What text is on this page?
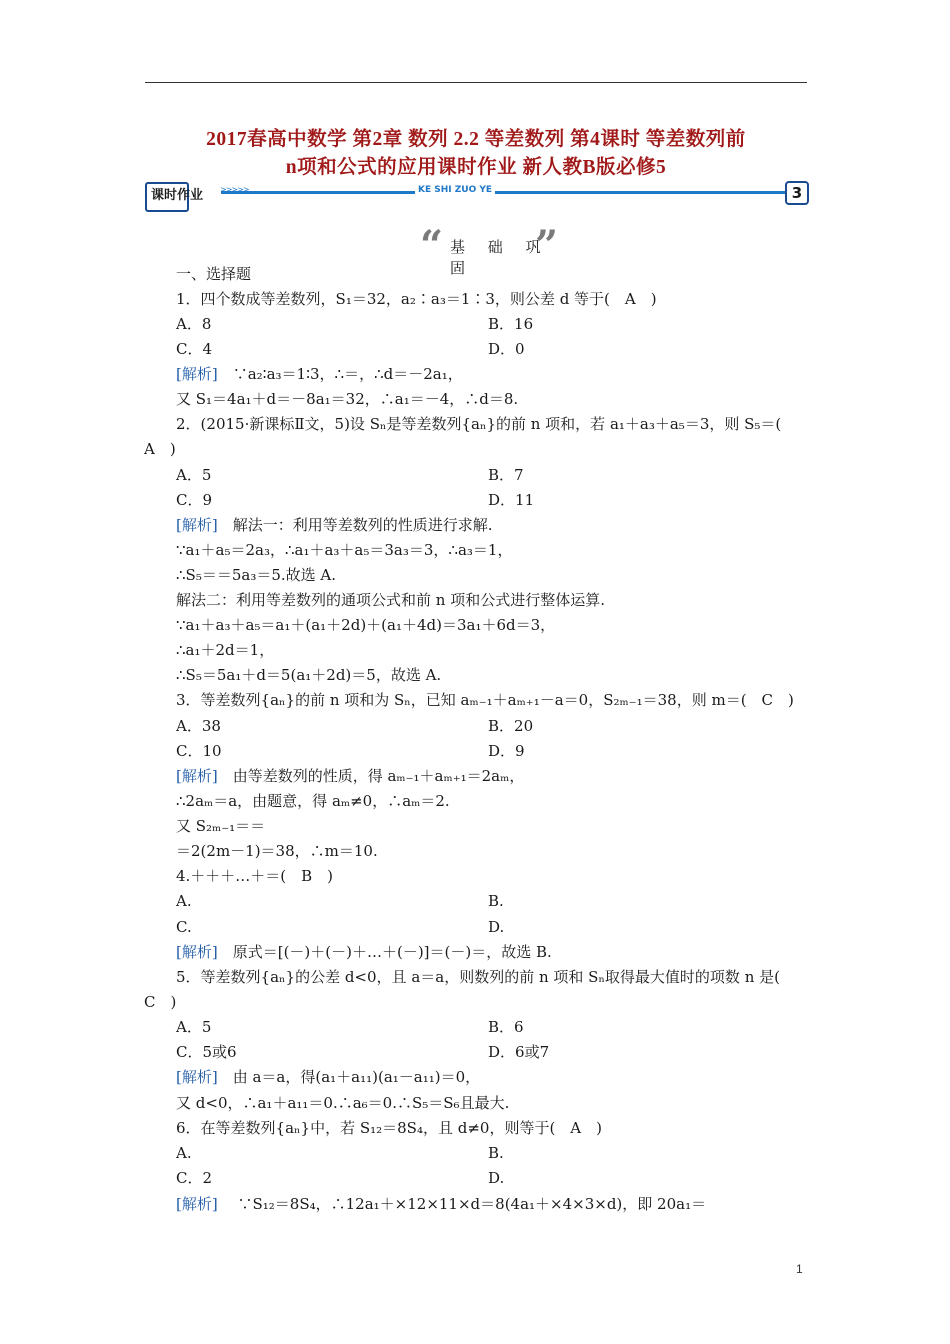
2017春高中数学 第2章 数列 2.2 等差数列 第4课时 等差数列前
n项和公式的应用课时作业 新人教B版必修5
课时作业 >>>>>	KE SHI ZUO YE	3
“ 基 础 巩 固	”
一、选择题
1．四个数成等差数列，S₁＝32，a₂∶a₃＝1∶3，则公差 d 等于(　A　)
A．8	B．16
C．4	D．0
[解析]　∵a₂∶a₃＝1∶3，∴＝，∴d＝－2a₁，
又 S₁＝4a₁＋d＝－8a₁＝32，∴a₁＝－4，∴d＝8.
2．(2015·新课标Ⅱ文，5)设 Sₙ是等差数列{aₙ}的前 n 项和，若 a₁＋a₃＋a₅＝3，则 S₅＝(
A　)
A．5	B．7
C．9	D．11
[解析]　解法一：利用等差数列的性质进行求解.
∵a₁＋a₅＝2a₃，∴a₁＋a₃＋a₅＝3a₃＝3，∴a₃＝1，
∴S₅＝＝5a₃＝5.故选 A.
解法二：利用等差数列的通项公式和前 n 项和公式进行整体运算.
∵a₁＋a₃＋a₅＝a₁＋(a₁＋2d)＋(a₁＋4d)＝3a₁＋6d＝3，
∴a₁＋2d＝1，
∴S₅＝5a₁＋d＝5(a₁＋2d)＝5，故选 A.
3．等差数列{aₙ}的前 n 项和为 Sₙ，已知 aₘ₋₁＋aₘ₊₁－a＝0，S₂ₘ₋₁＝38，则 m＝(　C　)
A．38	B．20
C．10	D．9
[解析]　由等差数列的性质，得 aₘ₋₁＋aₘ₊₁＝2aₘ，
∴2aₘ＝a，由题意，得 aₘ≠0，∴aₘ＝2.
又 S₂ₘ₋₁＝＝
＝2(2m－1)＝38，∴m＝10.
4.＋＋＋…＋＝(　B　)
A.	B.
C.	D.
[解析]　原式＝[(－)＋(－)＋…＋(－)]＝(－)＝，故选 B.
5．等差数列{aₙ}的公差 d<0，且 a＝a，则数列的前 n 项和 Sₙ取得最大值时的项数 n 是(
C　)
A．5	B．6
C．5或6	D．6或7
[解析]　由 a＝a，得(a₁＋a₁₁)(a₁－a₁₁)＝0，
又 d<0，∴a₁＋a₁₁＝0.∴a₆＝0.∴S₅＝S₆且最大.
6．在等差数列{aₙ}中，若 S₁₂＝8S₄，且 d≠0，则等于(　A　)
A.	B.
C．2	D.
[解析]　 ∵S₁₂＝8S₄，∴12a₁＋×12×11×d＝8(4a₁＋×4×3×d)，即 20a₁＝
1
